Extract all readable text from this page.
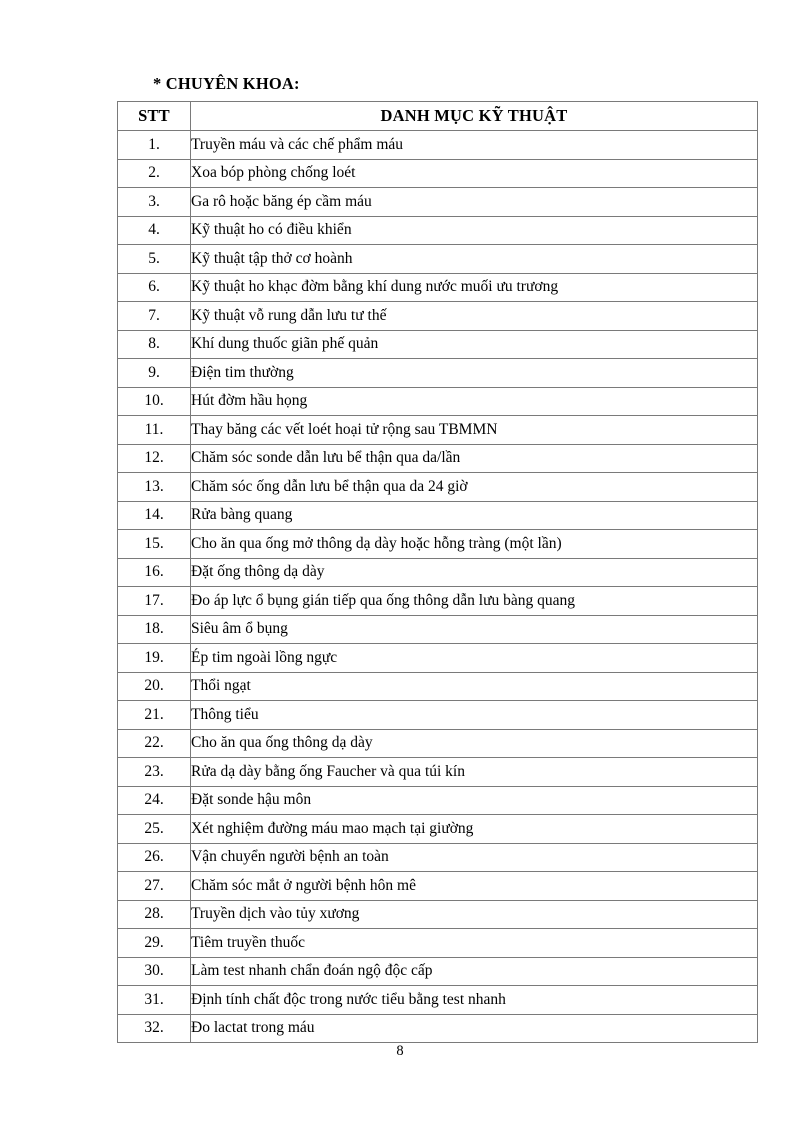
* CHUYÊN KHOA:
STT	DANH MỤC KỸ THUẬT
1.	Truyền máu và các chế phẩm máu
2.	Xoa bóp phòng chống loét
3.	Ga rô hoặc băng ép cầm máu
4.	Kỹ thuật ho có điều khiển
5.	Kỹ thuật tập thở cơ hoành
6.	Kỹ thuật ho khạc đờm bằng khí dung nước muối ưu trương
7.	Kỹ thuật vỗ rung dẫn lưu tư thế
8.	Khí dung thuốc giãn phế quản
9.	Điện tim thường
10.	Hút đờm hầu họng
11.	Thay băng các vết loét hoại tử rộng sau TBMMN
12.	Chăm sóc sonde dẫn lưu bể thận qua da/lần
13.	Chăm sóc ống dẫn lưu bể thận qua da 24 giờ
14.	Rửa bàng quang
15.	Cho ăn qua ống mở thông dạ dày hoặc hỗng tràng (một lần)
16.	Đặt ống thông dạ dày
17.	Đo áp lực ổ bụng gián tiếp qua ống thông dẫn lưu bàng quang
18.	Siêu âm ổ bụng
19.	Ép tim ngoài lồng ngực
20.	Thổi ngạt
21.	Thông tiểu
22.	Cho ăn qua ống thông dạ dày
23.	Rửa dạ dày bằng ống Faucher và qua túi kín
24.	Đặt sonde hậu môn
25.	Xét nghiệm đường máu mao mạch tại giường
26.	Vận chuyển người bệnh an toàn
27.	Chăm sóc mắt ở người bệnh hôn mê
28.	Truyền dịch vào tủy xương
29.	Tiêm truyền thuốc
30.	Làm test nhanh chẩn đoán ngộ độc cấp
31.	Định tính chất độc trong nước tiểu bằng test nhanh
32.	Đo lactat trong máu
8
